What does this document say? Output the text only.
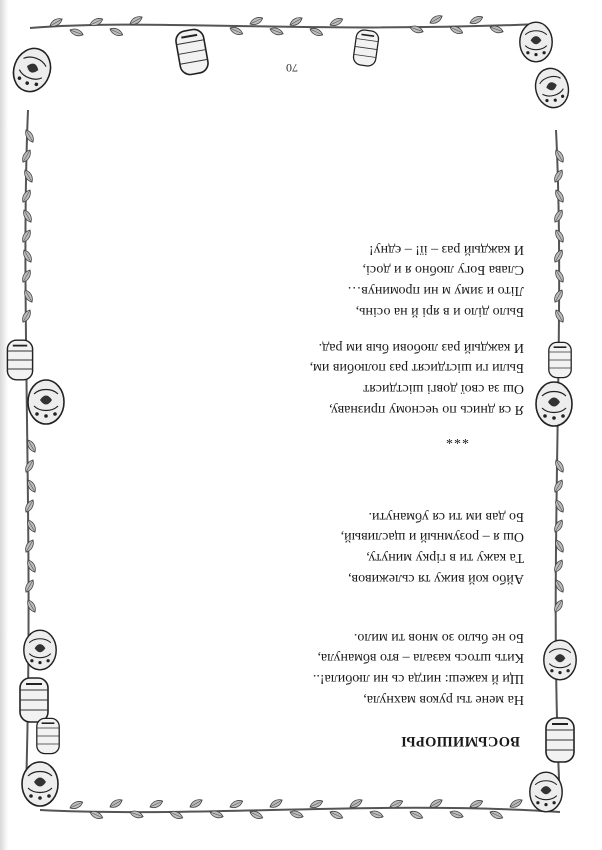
ВОСЬМИШОРЫ
На мене ты руков махнула,
Щи й кажеш: нигда сь ни любила!..
Кить штось казала – вто вбманула,
Бо не было зо мнов ти мило.
Айбо кой вижу тя сьлеживов,
Та кажу ти в гірку минуту,
Ош я – розумный и щасливый,
Бо дав им ти ся убманути.
***
Я ся днись по чесному признаву,
Ош за свої довгі шістдисят
Были ги шістдисят раз полюбив им,
И каждый раз любови быв им рад.
Было ділo и в ярі й на осінь,
Літо и зиму м ни проминув…
Слава Богу любно я и досі,
И каждый раз – ії! – єдну!
70
